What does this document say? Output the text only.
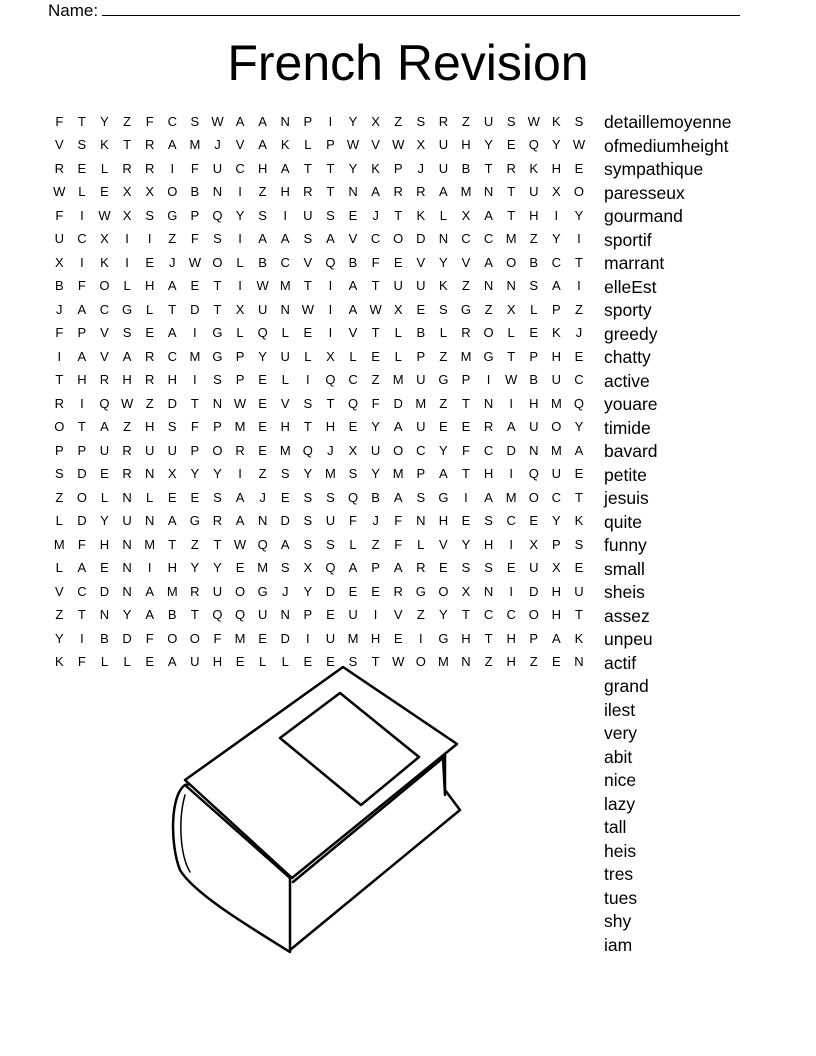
Name:
French Revision
F	T	Y	Z	F	C	S W A	A	N	P	I	Y	X	Z	S	R	Z	U	S W K	S
V	S	K	T	R	A M	J	V	A	K	L	P W V W X	U	H	Y	E	Q	Y W
R	E	L	R	R	I	F	U	C	H	A	T	T	Y	K	P	J	U	B	T	R	K	H	E
W L	E	X	X	O	B	N	I	Z	H	R	T	N	A	R	R	A M N	T	U	X	O
F	I	W X	S	G	P	Q	Y	S	I	U	S	E	J	T	K	L	X	A	T	H	I	Y
U	C	X	I	I	Z	F	S	I	A	A	S	A	V	C O D	N	C	C M	Z	Y	I
X	I	K	I	E	J	W O	L	B	C	V	Q	B	F	E	V	Y	V	A	O	B	C	T
B	F	O	L	H	A	E	T	I	W M	T	I	A	T	U	U	K	Z	N	N	S	A	I
J	A	C G	L	T	D	T	X	U	N W	I	A W X	E	S	G	Z	X	L	P	Z
F	P	V	S	E	A	I	G	L	Q	L	E	I	V	T	L	B	L	R O	L	E	K	J
I	A	V	A	R	C M G	P	Y	U	L	X	L	E	L	P	Z	M G	T	P	H	E
T	H	R	H	R	H	I	S	P	E	L	I	Q C	Z	M U G	P	I	W B	U	C
R	I	Q W Z	D	T	N W E	V	S	T	Q	F	D M	Z	T	N	I	H M Q
O	T	A	Z	H	S	F	P M E	H	T	H	E	Y	A	U	E	E	R	A	U O	Y
P	P	U	R	U	U	P	O R	E M Q	J	X	U O C	Y	F	C	D	N M A
S	D	E	R	N	X	Y	Y	I	Z	S	Y M S	Y M P	A	T	H	I	Q U	E
Z	O	L	N	L	E	E	S	A	J	E	S	S	Q	B	A	S	G	I	A M O C	T
L	D	Y	U	N	A	G R	A	N	D	S	U	F	J	F	N	H	E	S	C	E	Y	K
M	F	H	N M	T	Z	T W Q	A	S	S	L	Z	F	L	V	Y	H	I	X	P	S
L	A	E	N	I	H	Y	Y	E M S	X	Q	A	P	A	R	E	S	S	E	U	X	E
V	C	D	N	A M R	U O G	J	Y	D	E	E	R G O	X	N	I	D	H	U
Z	T	N	Y	A	B	T	Q Q U	N	P	E	U	I	V	Z	Y	T	C	C O H	T
Y	I	B	D	F	O O	F	M E	D	I	U M H	E	I	G H	T	H	P	A	K
K	F	L	L	E	A	U	H	E	L	L	E	E	S	T W O M N	Z	H	Z	E	N
detaillemoyenne
ofmediumheight
sympathique
paresseux
gourmand
sportif
marrant
elleEst
sporty
greedy
chatty
active
youare
timide
bavard
petite
jesuis
quite
funny
small
sheis
assez
unpeu
actif
grand
ilest
very
abit
nice
lazy
tall
heis
tres
tues
shy
iam
